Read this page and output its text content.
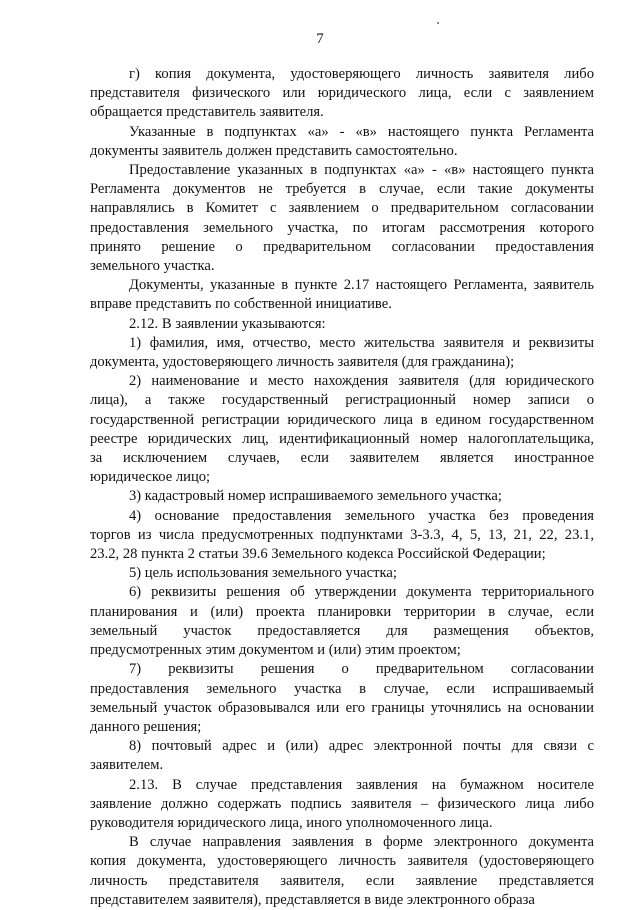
7
г) копия документа, удостоверяющего личность заявителя либо
представителя физического или юридического лица, если с заявлением
обращается представитель заявителя.
Указанные в подпунктах «а» - «в» настоящего пункта Регламента
документы заявитель должен представить самостоятельно.
Предоставление указанных в подпунктах «а» - «в» настоящего пункта
Регламента документов не требуется в случае, если такие документы
направлялись в Комитет с заявлением о предварительном согласовании
предоставления земельного участка, по итогам рассмотрения которого
принято решение о предварительном согласовании предоставления
земельного участка.
Документы, указанные в пункте 2.17 настоящего Регламента, заявитель
вправе представить по собственной инициативе.
2.12. В заявлении указываются:
1) фамилия, имя, отчество, место жительства заявителя и реквизиты
документа, удостоверяющего личность заявителя (для гражданина);
2) наименование и место нахождения заявителя (для юридического
лица), а также государственный регистрационный номер записи о
государственной регистрации юридического лица в едином государственном
реестре юридических лиц, идентификационный номер налогоплательщика,
за исключением случаев, если заявителем является иностранное
юридическое лицо;
3) кадастровый номер испрашиваемого земельного участка;
4) основание предоставления земельного участка без проведения
торгов из числа предусмотренных подпунктами 3-3.3, 4, 5, 13, 21, 22, 23.1,
23.2, 28 пункта 2 статьи 39.6 Земельного кодекса Российской Федерации;
5) цель использования земельного участка;
6) реквизиты решения об утверждении документа территориального
планирования и (или) проекта планировки территории в случае, если
земельный участок предоставляется для размещения объектов,
предусмотренных этим документом и (или) этим проектом;
7) реквизиты решения о предварительном согласовании
предоставления земельного участка в случае, если испрашиваемый
земельный участок образовывался или его границы уточнялись на основании
данного решения;
8) почтовый адрес и (или) адрес электронной почты для связи с
заявителем.
2.13. В случае представления заявления на бумажном носителе
заявление должно содержать подпись заявителя – физического лица либо
руководителя юридического лица, иного уполномоченного лица.
В случае направления заявления в форме электронного документа
копия документа, удостоверяющего личность заявителя (удостоверяющего
личность представителя заявителя, если заявление представляется
представителем заявителя), представляется в виде электронного образа
